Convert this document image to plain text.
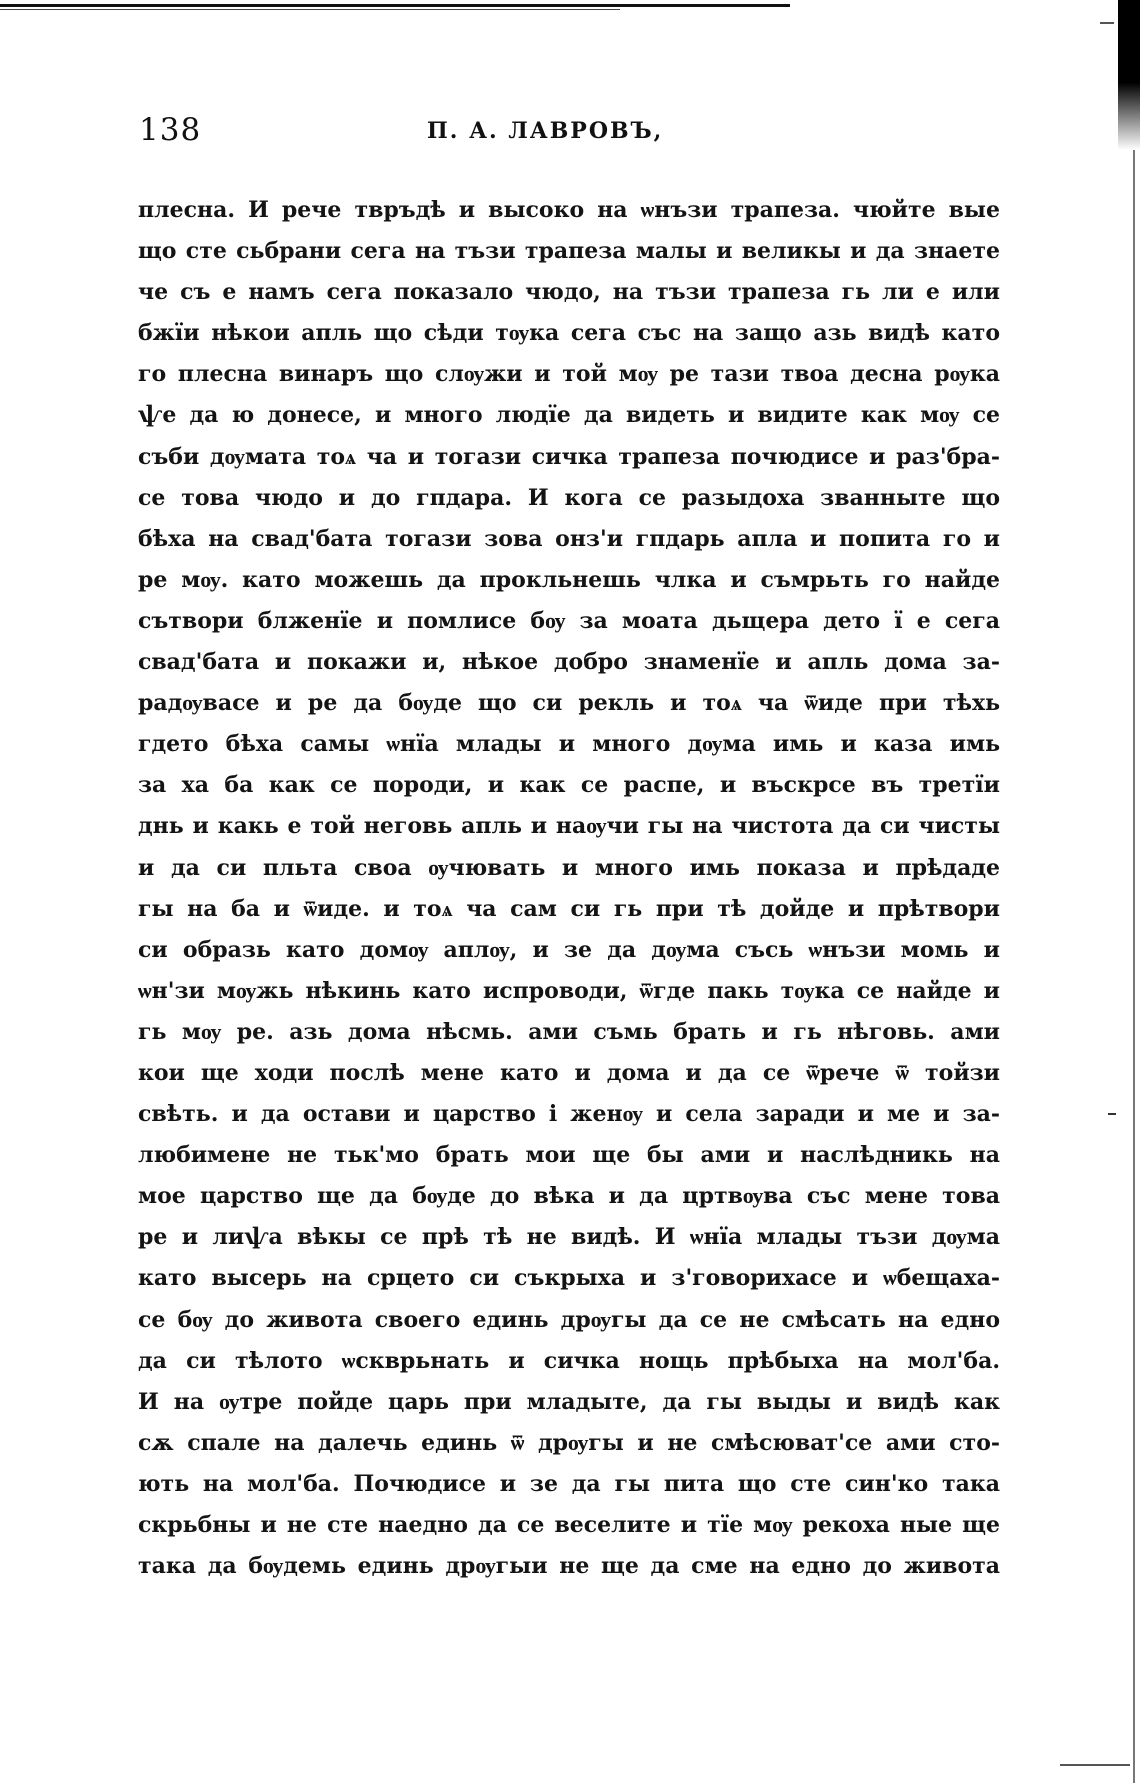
138	П. А. ЛАВРОВЪ,
плесна. И рече твръдѣ и высоко на ѡнъзи трапеза. чюйте вые
що сте сьбрани сега на тъзи трапеза малы и великы и да знаете
че съ е намъ сега показало чюдо, на тъзи трапеза гь ли е или
бжїи нѣкои апль що сѣди тѹка сега със на защо азь видѣ като
го плесна винаръ що слѹжи и той мѹ ре тази твоа десна рѹка
ѱе да ю донесе, и много людїе да видеть и видите как мѹ се
съби дѹмата тоѧ ча и тогази сичка трапеза почюдисе и раз'бра-
се това чюдо и до гпдара. И кога се разыдоха званныте що
бѣха на свад'бата тогази зова онз'и гпдарь апла и попита го и
ре мѹ. като можешь да прокльнешь члка и съмрьть го найде
сътвори блженїе и помлисе бѹ за моата дьщера дето ї е сега
свад'бата и покажи и, нѣкое добро знаменїе и апль дома за-
радѹвасе и ре да бѹде що си рекль и тоѧ ча ѿиде при тѣхь
гдето бѣха самы ѡнїа млады и много дѹма имь и каза имь
за ха ба как се породи, и как се распе, и въскрсе въ третїи
днь и какь е той неговь апль и наѹчи гы на чистота да си чисты
и да си пльта своа ѹчювать и много имь показа и прѣдаде
гы на ба и ѿиде. и тоѧ ча сам си гь при тѣ дойде и прѣтвори
си образь като домѹ аплѹ, и зе да дѹма съсь ѡнъзи момь и
ѡн'зи мѹжь нѣкинь като испроводи, ѿгде пакь тѹка се найде и
гь мѹ ре. азь дома нѣсмь. ами съмь брать и гь нѣговь. ами
кои ще ходи послѣ мене като и дома и да се ѿрече ѿ тойзи
свѣть. и да остави и царство і женѹ и села заради и ме и за-
любимене не тьк'мо брать мои ще бы ами и наслѣдникь на
мое царство ще да бѹде до вѣка и да цртвѹва със мене това
ре и лиѱа вѣкы се прѣ тѣ не видѣ. И ѡнїа млады тъзи дѹма
като высерь на срцето си съкрыха и з'говорихасе и ѡбещахa-
се бѹ до живота своего единь дрѹгы да се не смѣсать на едно
да си тѣлото ѡскврьнать и сичка нощь прѣбыха на мол'ба.
И на ѹтре пойде царь при младыте, да гы выды и видѣ как
сѫ спале на далечь единь ѿ дрѹгы и не смѣсюват'се ами сто-
ють на мол'ба. Почюдисе и зе да гы пита що сте син'ко така
скрьбны и не сте наедно да се веселите и тїе мѹ рекоха ные ще
така да бѹдемь единь дрѹгыи не ще да сме на едно до живота
